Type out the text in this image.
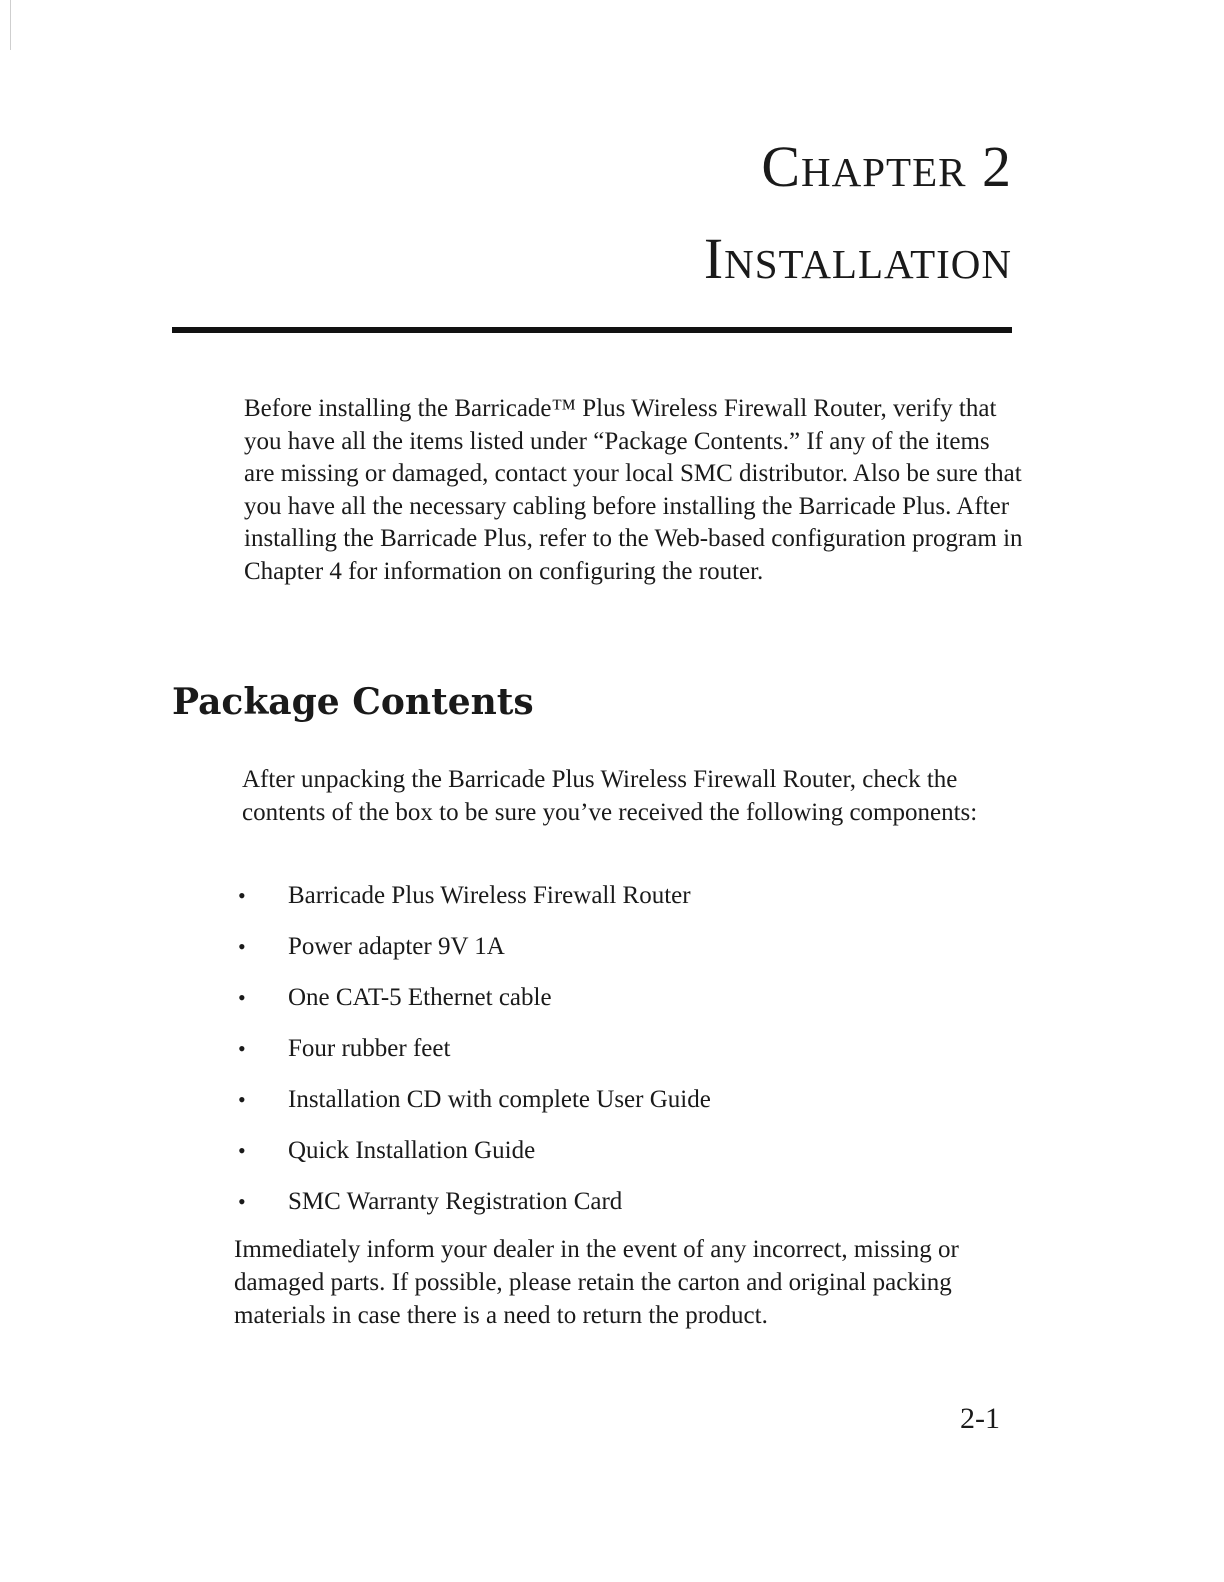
Chapter 2
Installation

Before installing the Barricade™ Plus Wireless Firewall Router, verify that you have all the items listed under “Package Contents.” If any of the items are missing or damaged, contact your local SMC distributor. Also be sure that you have all the necessary cabling before installing the Barricade Plus. After installing the Barricade Plus, refer to the Web-based configuration program in Chapter 4 for information on configuring the router.

Package Contents

After unpacking the Barricade Plus Wireless Firewall Router, check the contents of the box to be sure you’ve received the following components:

•	Barricade Plus Wireless Firewall Router
•	Power adapter 9V 1A
•	One CAT-5 Ethernet cable
•	Four rubber feet
•	Installation CD with complete User Guide
•	Quick Installation Guide
•	SMC Warranty Registration Card

Immediately inform your dealer in the event of any incorrect, missing or damaged parts. If possible, please retain the carton and original packing materials in case there is a need to return the product.

2-1
